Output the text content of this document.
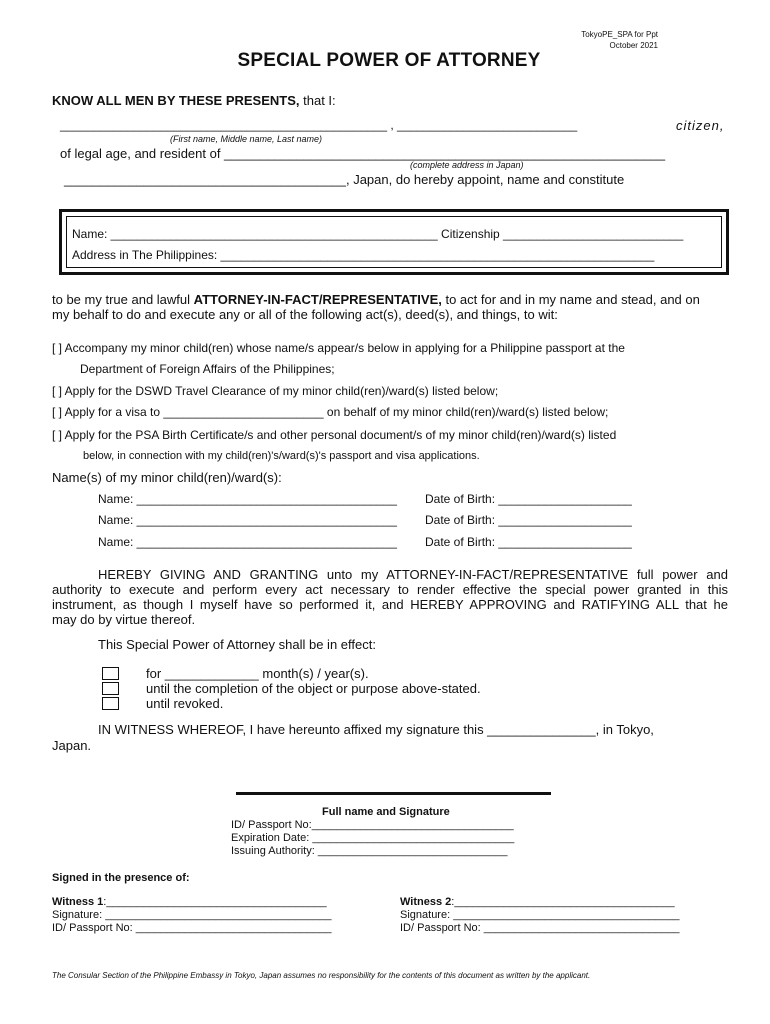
TokyoPE_SPA for Ppt
October 2021
SPECIAL POWER OF ATTORNEY
KNOW ALL MEN BY THESE PRESENTS, that I:
_________________________________________________ , ___________________________	citizen,
(First name, Middle name, Last name)
of legal age, and resident of _____________________________________________________________
(complete address in Japan)
_______________________________________, Japan, do hereby appoint, name and constitute
Name: _________________________________________________ Citizenship ___________________________
Address in The Philippines: _________________________________________________________________
to be my true and lawful ATTORNEY-IN-FACT/REPRESENTATIVE, to act for and in my name and stead, and on
my behalf to do and execute any or all of the following act(s), deed(s), and things, to wit:
[ ] Accompany my minor child(ren) whose name/s appear/s below in applying for a Philippine passport at the
Department of Foreign Affairs of the Philippines;
[ ] Apply for the DSWD Travel Clearance of my minor child(ren)/ward(s) listed below;
[ ] Apply for a visa to ________________________ on behalf of my minor child(ren)/ward(s) listed below;
[ ] Apply for the PSA Birth Certificate/s and other personal document/s of my minor child(ren)/ward(s) listed
below, in connection with my child(ren)'s/ward(s)'s passport and visa applications.
Name(s) of my minor child(ren)/ward(s):
Name: _______________________________________ Date of Birth: ____________________
Name: _______________________________________ Date of Birth: ____________________
Name: _______________________________________ Date of Birth: ____________________
HEREBY GIVING AND GRANTING unto my ATTORNEY-IN-FACT/REPRESENTATIVE full power and
authority to execute and perform every act necessary to render effective the special power granted in this
instrument, as though I myself have so performed it, and HEREBY APPROVING and RATIFYING ALL that he
may do by virtue thereof.
This Special Power of Attorney shall be in effect:
for _____________ month(s) / year(s).
until the completion of the object or purpose above-stated.
until revoked.
IN WITNESS WHEREOF, I have hereunto affixed my signature this _______________, in Tokyo,
Japan.
Full name and Signature
ID/ Passport No:_________________________________
Expiration Date: _________________________________
Issuing Authority: _______________________________
Signed in the presence of:
Witness 1:____________________________________
Signature: _____________________________________
ID/ Passport No: ________________________________
Witness 2:____________________________________
Signature: _____________________________________
ID/ Passport No: ________________________________
The Consular Section of the Philippine Embassy in Tokyo, Japan assumes no responsibility for the contents of this document as written by the applicant.
